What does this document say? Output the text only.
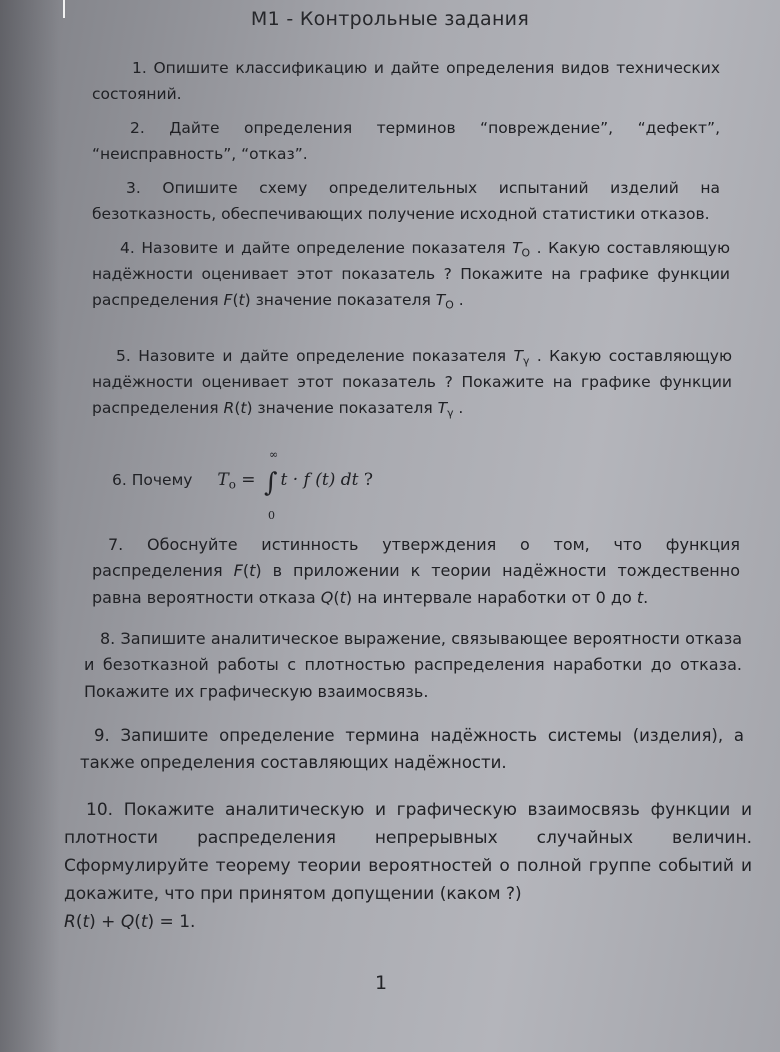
М1 - Контрольные задания
1. Опишите классификацию и дайте определения видов технических состояний.
2. Дайте определения терминов “повреждение”, “дефект”, “неисправность”, “отказ”.
3. Опишите схему определительных испытаний изделий на безотказность, обеспечивающих получение исходной статистики отказов.
4. Назовите и дайте определение показателя $T_O$ . Какую составляющую надёжности оценивает этот показатель ? Покажите на графике функции распределения F(t) значение показателя $T_O$ .
5. Назовите и дайте определение показателя $T_\gamma$ . Какую составляющую надёжности оценивает этот показатель ? Покажите на графике функции распределения R(t) значение показателя $T_\gamma$ .
6. Почему $T_o$ = ∫
∞
0
t · f (t) dt ?
7. Обоснуйте истинность утверждения о том, что функция распределения F(t) в приложении к теории надёжности тождественно равна вероятности отказа Q(t) на интервале наработки от 0 до t.
8. Запишите аналитическое выражение, связывающее вероятности отказа и безотказной работы с плотностью распределения наработки до отказа. Покажите их графическую взаимосвязь.
9. Запишите определение термина надёжность системы (изделия), а также определения составляющих надёжности.
10. Покажите аналитическую и графическую взаимосвязь функции и плотности распределения непрерывных случайных величин. Сформулируйте теорему теории вероятностей о полной группе событий и докажите, что при принятом допущении (каком ?)
R(t) + Q(t) = 1.
1
